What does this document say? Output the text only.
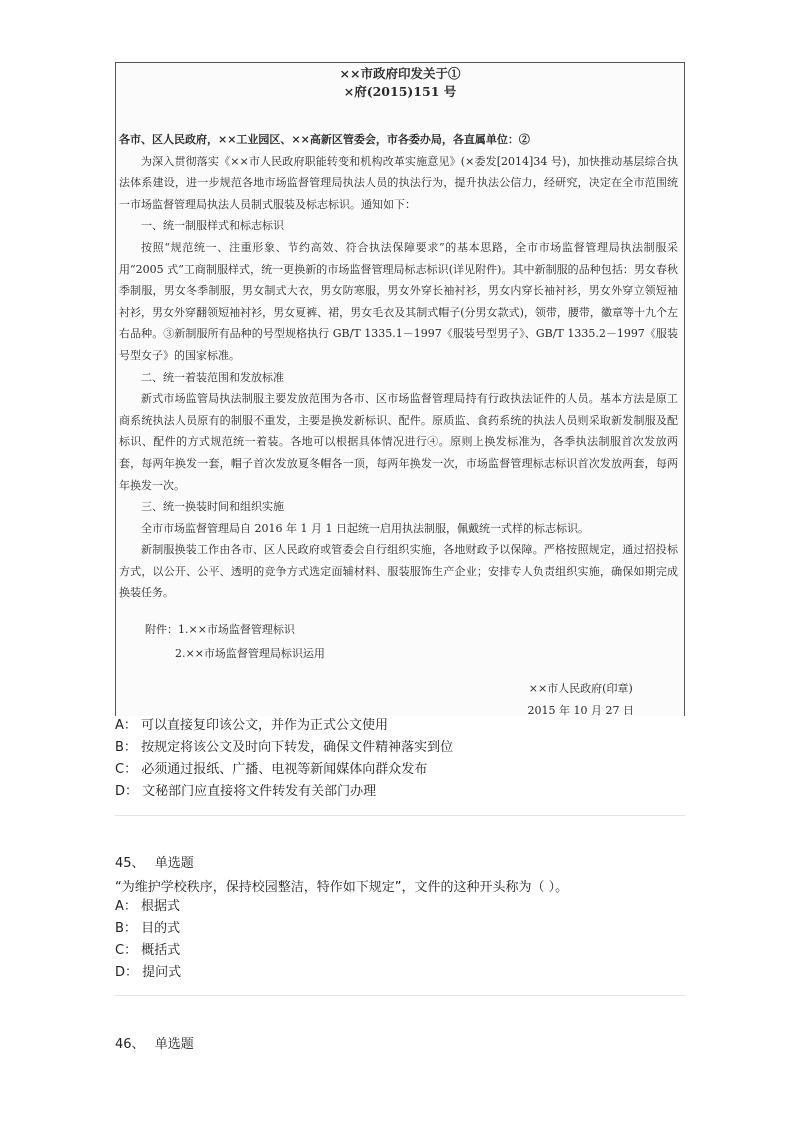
××市政府印发关于①
×府(2015)151 号

各市、区人民政府，××工业园区、××高新区管委会，市各委办局，各直属单位：②

为深入贯彻落实《××市人民政府职能转变和机构改革实施意见》(×委发[2014]34 号)，加快推动基层综合执法体系建设，进一步规范各地市场监督管理局执法人员的执法行为，提升执法公信力，经研究，决定在全市范围统一市场监督管理局执法人员制式服装及标志标识。通知如下：

一、统一制服样式和标志标识

按照“规范统一、注重形象、节约高效、符合执法保障要求”的基本思路，全市市场监督管理局执法制服采用“2005 式”工商制服样式，统一更换新的市场监督管理局标志标识(详见附件)。其中新制服的品种包括：男女春秋季制服，男女冬季制服，男女制式大衣，男女防寒服，男女外穿长袖衬衫，男女内穿长袖衬衫，男女外穿立领短袖衬衫，男女外穿翻领短袖衬衫，男女夏裤、裙，男女毛衣及其制式帽子(分男女款式)，领带，腰带，徽章等十九个左右品种。③新制服所有品种的号型规格执行 GB/T 1335.1－1997《服装号型男子》、GB/T 1335.2－1997《服装号型女子》的国家标准。

二、统一着装范围和发放标准

新式市场监管局执法制服主要发放范围为各市、区市场监督管理局持有行政执法证件的人员。基本方法是原工商系统执法人员原有的制服不重发，主要是换发新标识、配件。原质监、食药系统的执法人员则采取新发制服及配标识、配件的方式规范统一着装。各地可以根据具体情况进行④。原则上换发标准为，各季执法制服首次发放两套，每两年换发一套，帽子首次发放夏冬帽各一顶，每两年换发一次，市场监督管理标志标识首次发放两套，每两年换发一次。

三、统一换装时间和组织实施

全市市场监督管理局自 2016 年 1 月 1 日起统一启用执法制服，佩戴统一式样的标志标识。

新制服换装工作由各市、区人民政府或管委会自行组织实施，各地财政予以保障。严格按照规定，通过招投标方式，以公开、公平、透明的竞争方式选定面辅材料、服装服饰生产企业；安排专人负责组织实施，确保如期完成换装任务。

附件：1.××市场监督管理标识
2.××市场监督管理局标识运用
××市人民政府(印章)
2015 年 10 月 27 日
A： 可以直接复印该公文，并作为正式公文使用
B： 按规定将该公文及时向下转发，确保文件精神落实到位
C： 必须通过报纸、广播、电视等新闻媒体向群众发布
D： 文秘部门应直接将文件转发有关部门办理
45、 单选题
“为维护学校秩序，保持校园整洁，特作如下规定”，文件的这种开头称为（ ）。
A： 根据式
B： 目的式
C： 概括式
D： 提问式
46、 单选题
